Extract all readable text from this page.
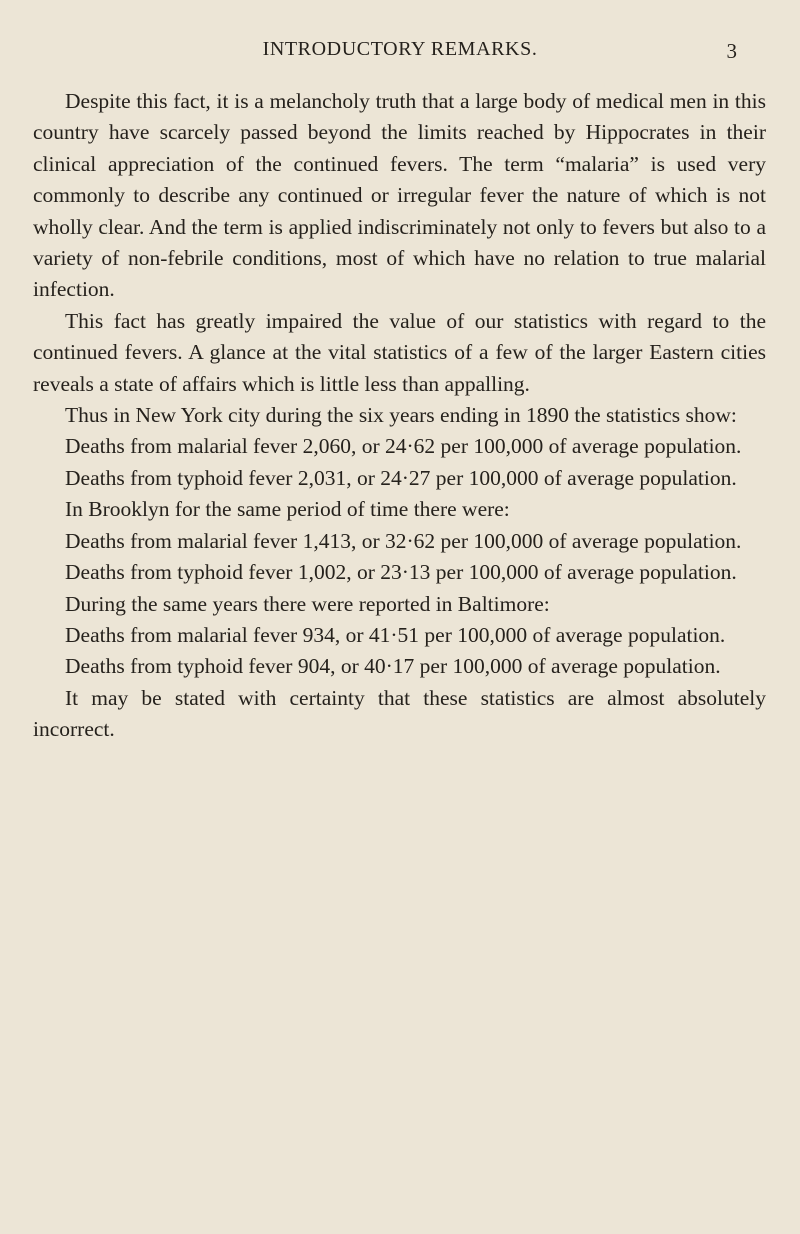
INTRODUCTORY REMARKS.	3

Despite this fact, it is a melancholy truth that a large body of medical men in this country have scarcely passed beyond the limits reached by Hippocrates in their clinical appreciation of the continued fevers. The term “malaria” is used very commonly to describe any continued or irregular fever the nature of which is not wholly clear. And the term is applied indiscriminately not only to fevers but also to a variety of non-febrile conditions, most of which have no relation to true malarial infection.

This fact has greatly impaired the value of our statistics with regard to the continued fevers. A glance at the vital statistics of a few of the larger Eastern cities reveals a state of affairs which is little less than appalling.

Thus in New York city during the six years ending in 1890 the statistics show:

Deaths from malarial fever 2,060, or 24·62 per 100,000 of average population.

Deaths from typhoid fever 2,031, or 24·27 per 100,000 of average population.

In Brooklyn for the same period of time there were:

Deaths from malarial fever 1,413, or 32·62 per 100,000 of average population.

Deaths from typhoid fever 1,002, or 23·13 per 100,000 of average population.

During the same years there were reported in Baltimore:

Deaths from malarial fever 934, or 41·51 per 100,000 of average population.

Deaths from typhoid fever 904, or 40·17 per 100,000 of average population.

It may be stated with certainty that these statistics are almost absolutely incorrect.
